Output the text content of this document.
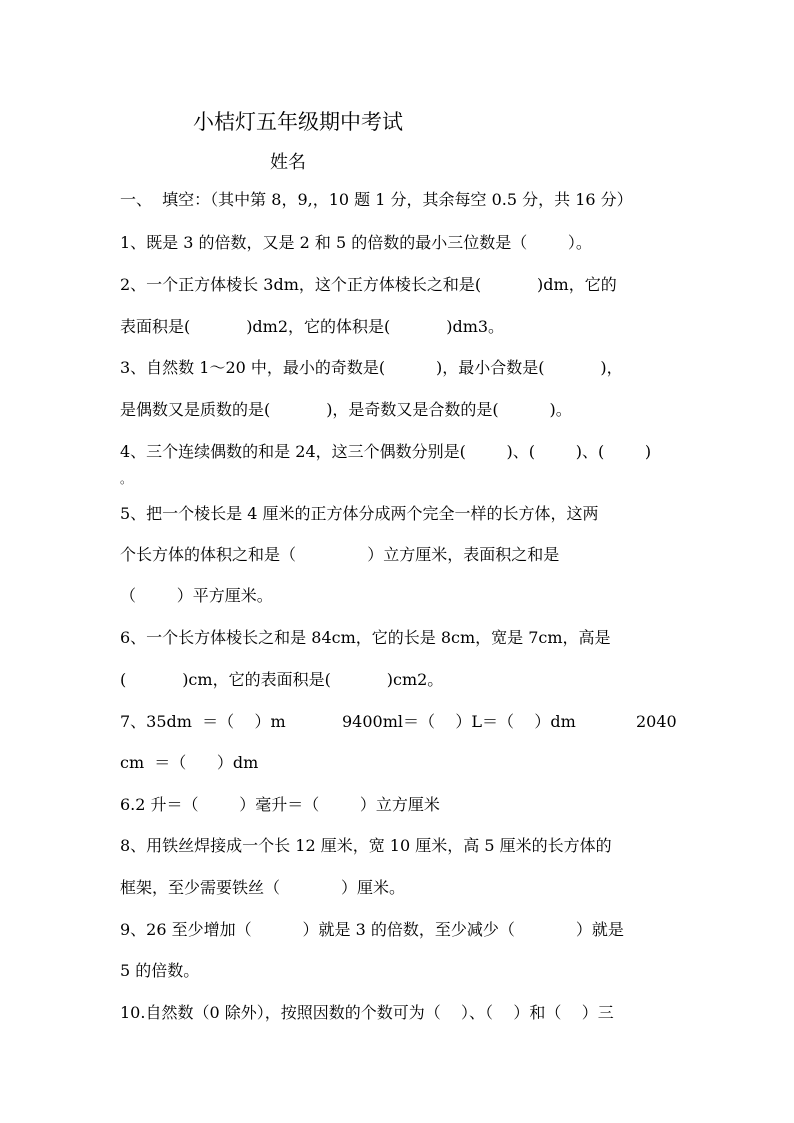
小桔灯五年级期中考试
姓名
一、  填空：（其中第 8，9,，10 题 1 分，其余每空 0.5 分，共 16 分）
1、既是 3 的倍数，又是 2 和 5 的倍数的最小三位数是（        ）。
2、一个正方体棱长 3dm，这个正方体棱长之和是(           )dm，它的
表面积是(           )dm2，它的体积是(           )dm3。
3、自然数 1～20 中，最小的奇数是(          )，最小合数是(           )，
是偶数又是质数的是(           )，是奇数又是合数的是(          )。
4、三个连续偶数的和是 24，这三个偶数分别是(        )、(        )、(        )
。
5、把一个棱长是 4 厘米的正方体分成两个完全一样的长方体，这两
个长方体的体积之和是（              ）立方厘米，表面积之和是
（        ）平方厘米。
6、一个长方体棱长之和是 84cm，它的长是 8cm，宽是 7cm，高是
(           )cm，它的表面积是(           )cm2。
7、35dm  ＝（    ）m	9400ml＝（    ）L＝（    ）dm	2040
cm  ＝（      ）dm
6.2 升＝（        ）毫升＝（        ）立方厘米
8、用铁丝焊接成一个长 12 厘米，宽 10 厘米，高 5 厘米的长方体的
框架，至少需要铁丝（            ）厘米。
9、26 至少增加（          ）就是 3 的倍数，至少减少（            ）就是
5 的倍数。
10.自然数（0 除外），按照因数的个数可为（    ）、（    ）和（    ）三
